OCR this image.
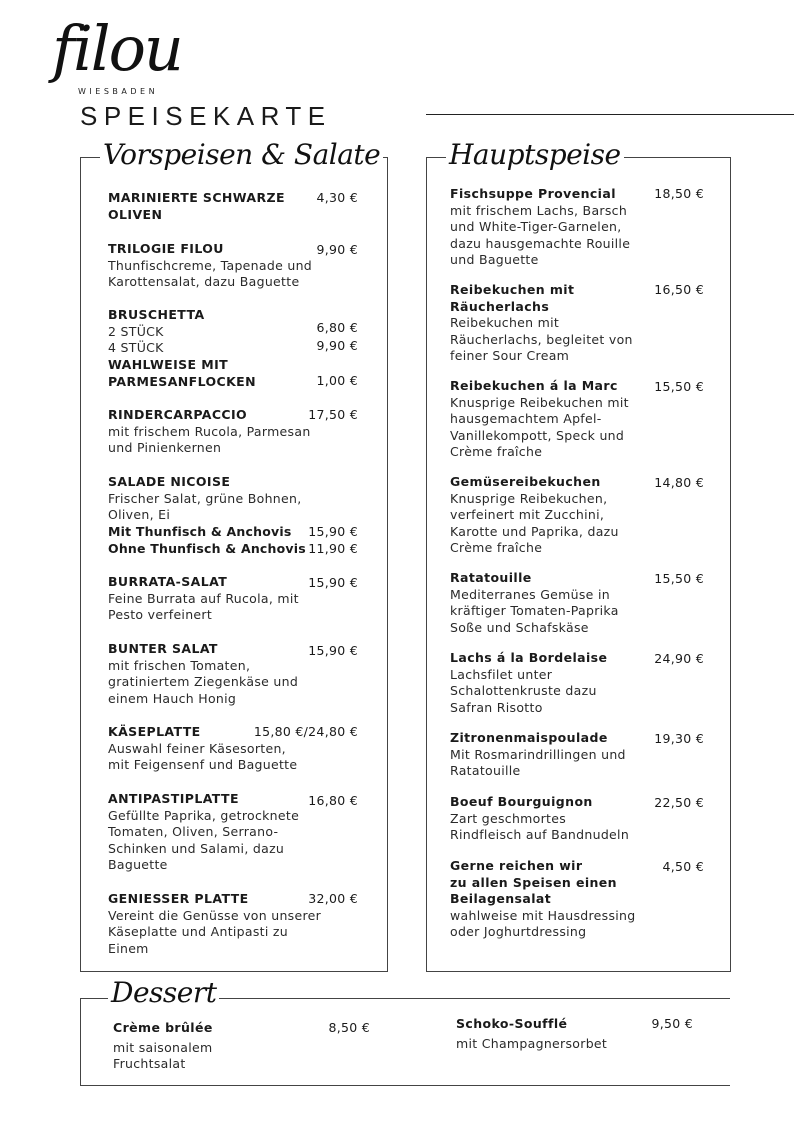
filou
WIESBADEN
SPEISEKARTE
Vorspeisen & Salate Hauptspeise
Dessert
MARINIERTE SCHWARZE
OLIVEN
4,30 €
TRILOGIE FILOU
Thunfischcreme, Tapenade und
Karottensalat, dazu Baguette
9,90 €
BRUSCHETTA
2 STÜCK
4 STÜCK
6,80 €
9,90 €
WAHLWEISE MIT
PARMESANFLOCKEN	1,00 €
RINDERCARPACCIO
mit frischem Rucola, Parmesan
und Pinienkernen
17,50 €
SALADE NICOISE
Frischer Salat, grüne Bohnen,
Oliven, Ei
Mit Thunfisch & Anchovis
Ohne Thunfisch & Anchovis
15,90 €
11,90 €
BURRATA-SALAT
Feine Burrata auf Rucola, mit
Pesto verfeinert
15,90 €
BUNTER SALAT
mit frischen Tomaten,
gratiniertem Ziegenkäse und
einem Hauch Honig
15,90 €
KÄSEPLATTE
Auswahl feiner Käsesorten,
mit Feigensenf und Baguette
15,80 €/24,80 €
ANTIPASTIPLATTE
Gefüllte Paprika, getrocknete
Tomaten, Oliven, Serrano-
Schinken und Salami, dazu
Baguette
16,80 €
GENIESSER PLATTE
Vereint die Genüsse von unserer
Käseplatte und Antipasti zu
Einem
32,00 €
Fischsuppe Provencial
mit frischem Lachs, Barsch
und White-Tiger-Garnelen,
dazu hausgemachte Rouille
und Baguette
18,50 €
Reibekuchen mit
Räucherlachs
Reibekuchen mit
Räucherlachs, begleitet von
feiner Sour Cream
16,50 €
Reibekuchen á la Marc
Knusprige Reibekuchen mit
hausgemachtem Apfel-
Vanillekompott, Speck und
Crème fraîche
15,50 €
Gemüsereibekuchen
Knusprige Reibekuchen,
verfeinert mit Zucchini,
Karotte und Paprika, dazu
Crème fraîche
14,80 €
Ratatouille
Mediterranes Gemüse in
kräftiger Tomaten-Paprika
Soße und Schafskäse
15,50 €
Lachs á la Bordelaise
Lachsfilet unter
Schalottenkruste dazu
Safran Risotto
24,90 €
Zitronenmaispoulade
Mit Rosmarindrillingen und
Ratatouille
19,30 €
Boeuf Bourguignon
Zart geschmortes
Rindfleisch auf Bandnudeln
22,50 €
Gerne reichen wir
zu allen Speisen einen
Beilagensalat
wahlweise mit Hausdressing
oder Joghurtdressing
4,50 €
Crème brûlée
mit saisonalem
Fruchtsalat
8,50 €	Schoko-Soufflé
mit Champagnersorbet
9,50 €
